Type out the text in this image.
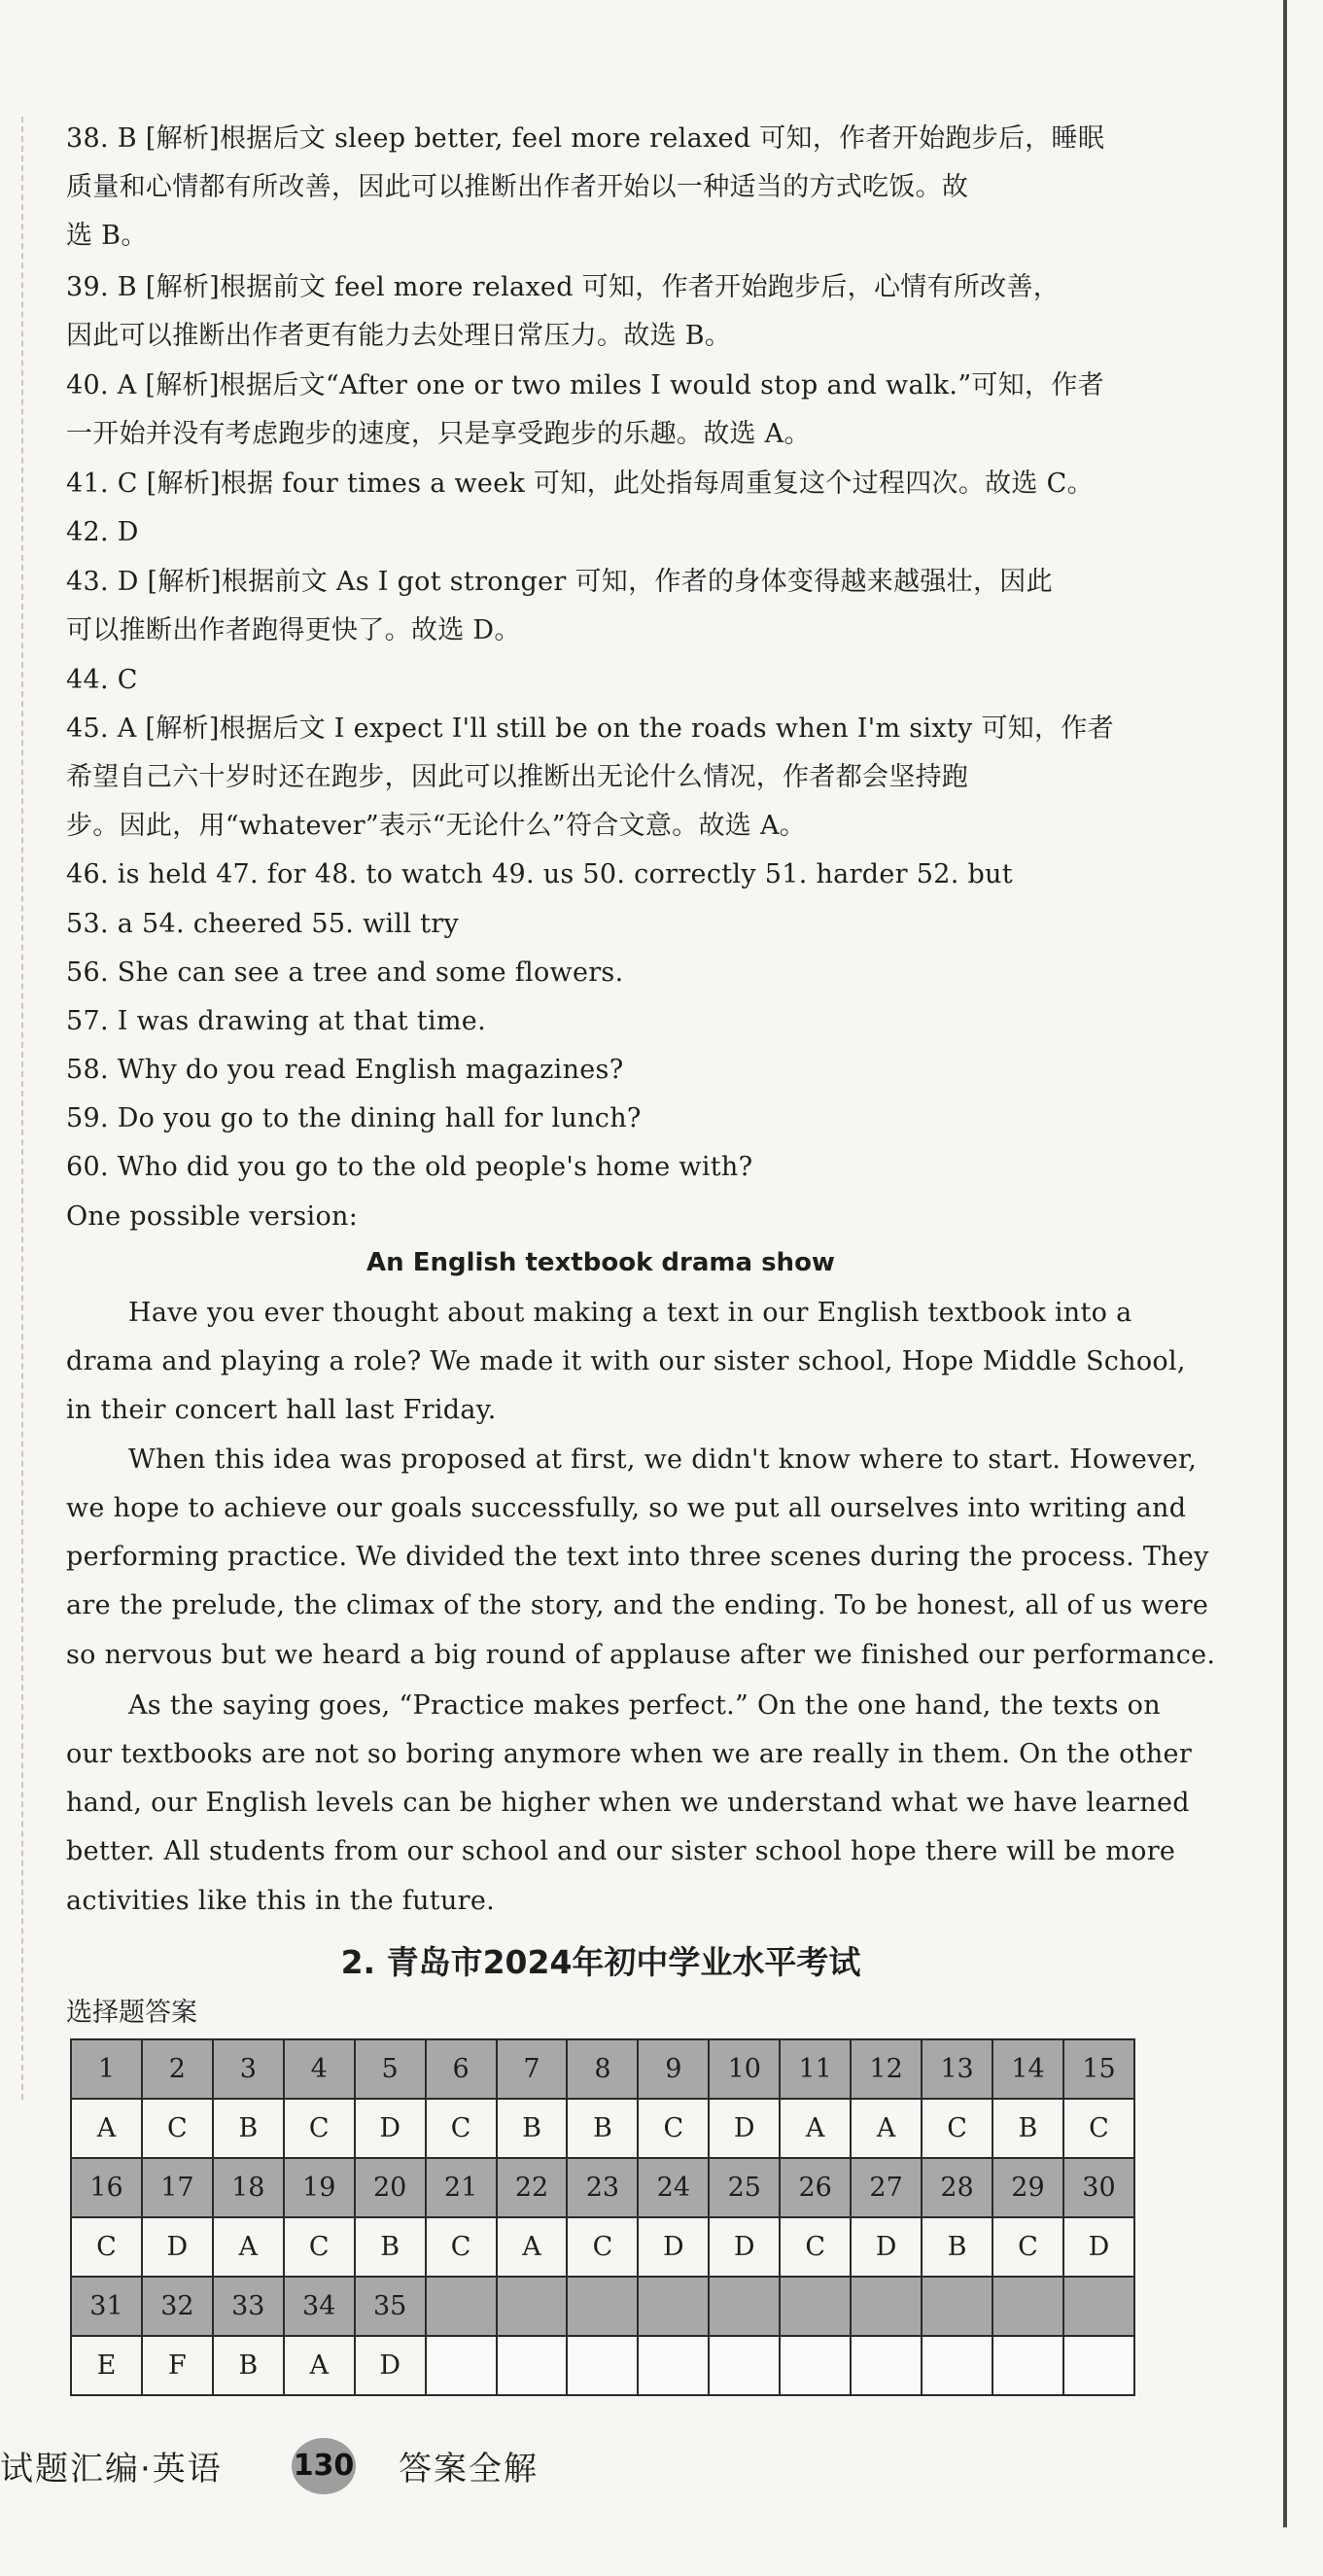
38. B [解析]根据后文 sleep better, feel more relaxed 可知，作者开始跑步后，睡眠
质量和心情都有所改善，因此可以推断出作者开始以一种适当的方式吃饭。故
选 B。
39. B [解析]根据前文 feel more relaxed 可知，作者开始跑步后，心情有所改善，
因此可以推断出作者更有能力去处理日常压力。故选 B。
40. A [解析]根据后文“After one or two miles I would stop and walk.”可知，作者
一开始并没有考虑跑步的速度，只是享受跑步的乐趣。故选 A。
41. C [解析]根据 four times a week 可知，此处指每周重复这个过程四次。故选 C。
42. D
43. D [解析]根据前文 As I got stronger 可知，作者的身体变得越来越强壮，因此
可以推断出作者跑得更快了。故选 D。
44. C
45. A [解析]根据后文 I expect I'll still be on the roads when I'm sixty 可知，作者
希望自己六十岁时还在跑步，因此可以推断出无论什么情况，作者都会坚持跑
步。因此，用“whatever”表示“无论什么”符合文意。故选 A。
46. is held 47. for 48. to watch 49. us 50. correctly 51. harder 52. but
53. a 54. cheered 55. will try
56. She can see a tree and some flowers.
57. I was drawing at that time.
58. Why do you read English magazines?
59. Do you go to the dining hall for lunch?
60. Who did you go to the old people's home with?
One possible version:
An English textbook drama show
Have you ever thought about making a text in our English textbook into a
drama and playing a role? We made it with our sister school, Hope Middle School,
in their concert hall last Friday.
When this idea was proposed at first, we didn't know where to start. However,
we hope to achieve our goals successfully, so we put all ourselves into writing and
performing practice. We divided the text into three scenes during the process. They
are the prelude, the climax of the story, and the ending. To be honest, all of us were
so nervous but we heard a big round of applause after we finished our performance.
As the saying goes, “Practice makes perfect.” On the one hand, the texts on
our textbooks are not so boring anymore when we are really in them. On the other
hand, our English levels can be higher when we understand what we have learned
better. All students from our school and our sister school hope there will be more
activities like this in the future.
2. 青岛市2024年初中学业水平考试
选择题答案
1	2	3	4	5	6	7	8	9	10	11	12	13	14	15
A	C	B	C	D	C	B	B	C	D	A	A	C	B	C
16	17	18	19	20	21	22	23	24	25	26	27	28	29	30
C	D	A	C	B	C	A	C	D	D	C	D	B	C	D
31	32	33	34	35										
E	F	B	A	D										
试题汇编·英语 130 答案全解
